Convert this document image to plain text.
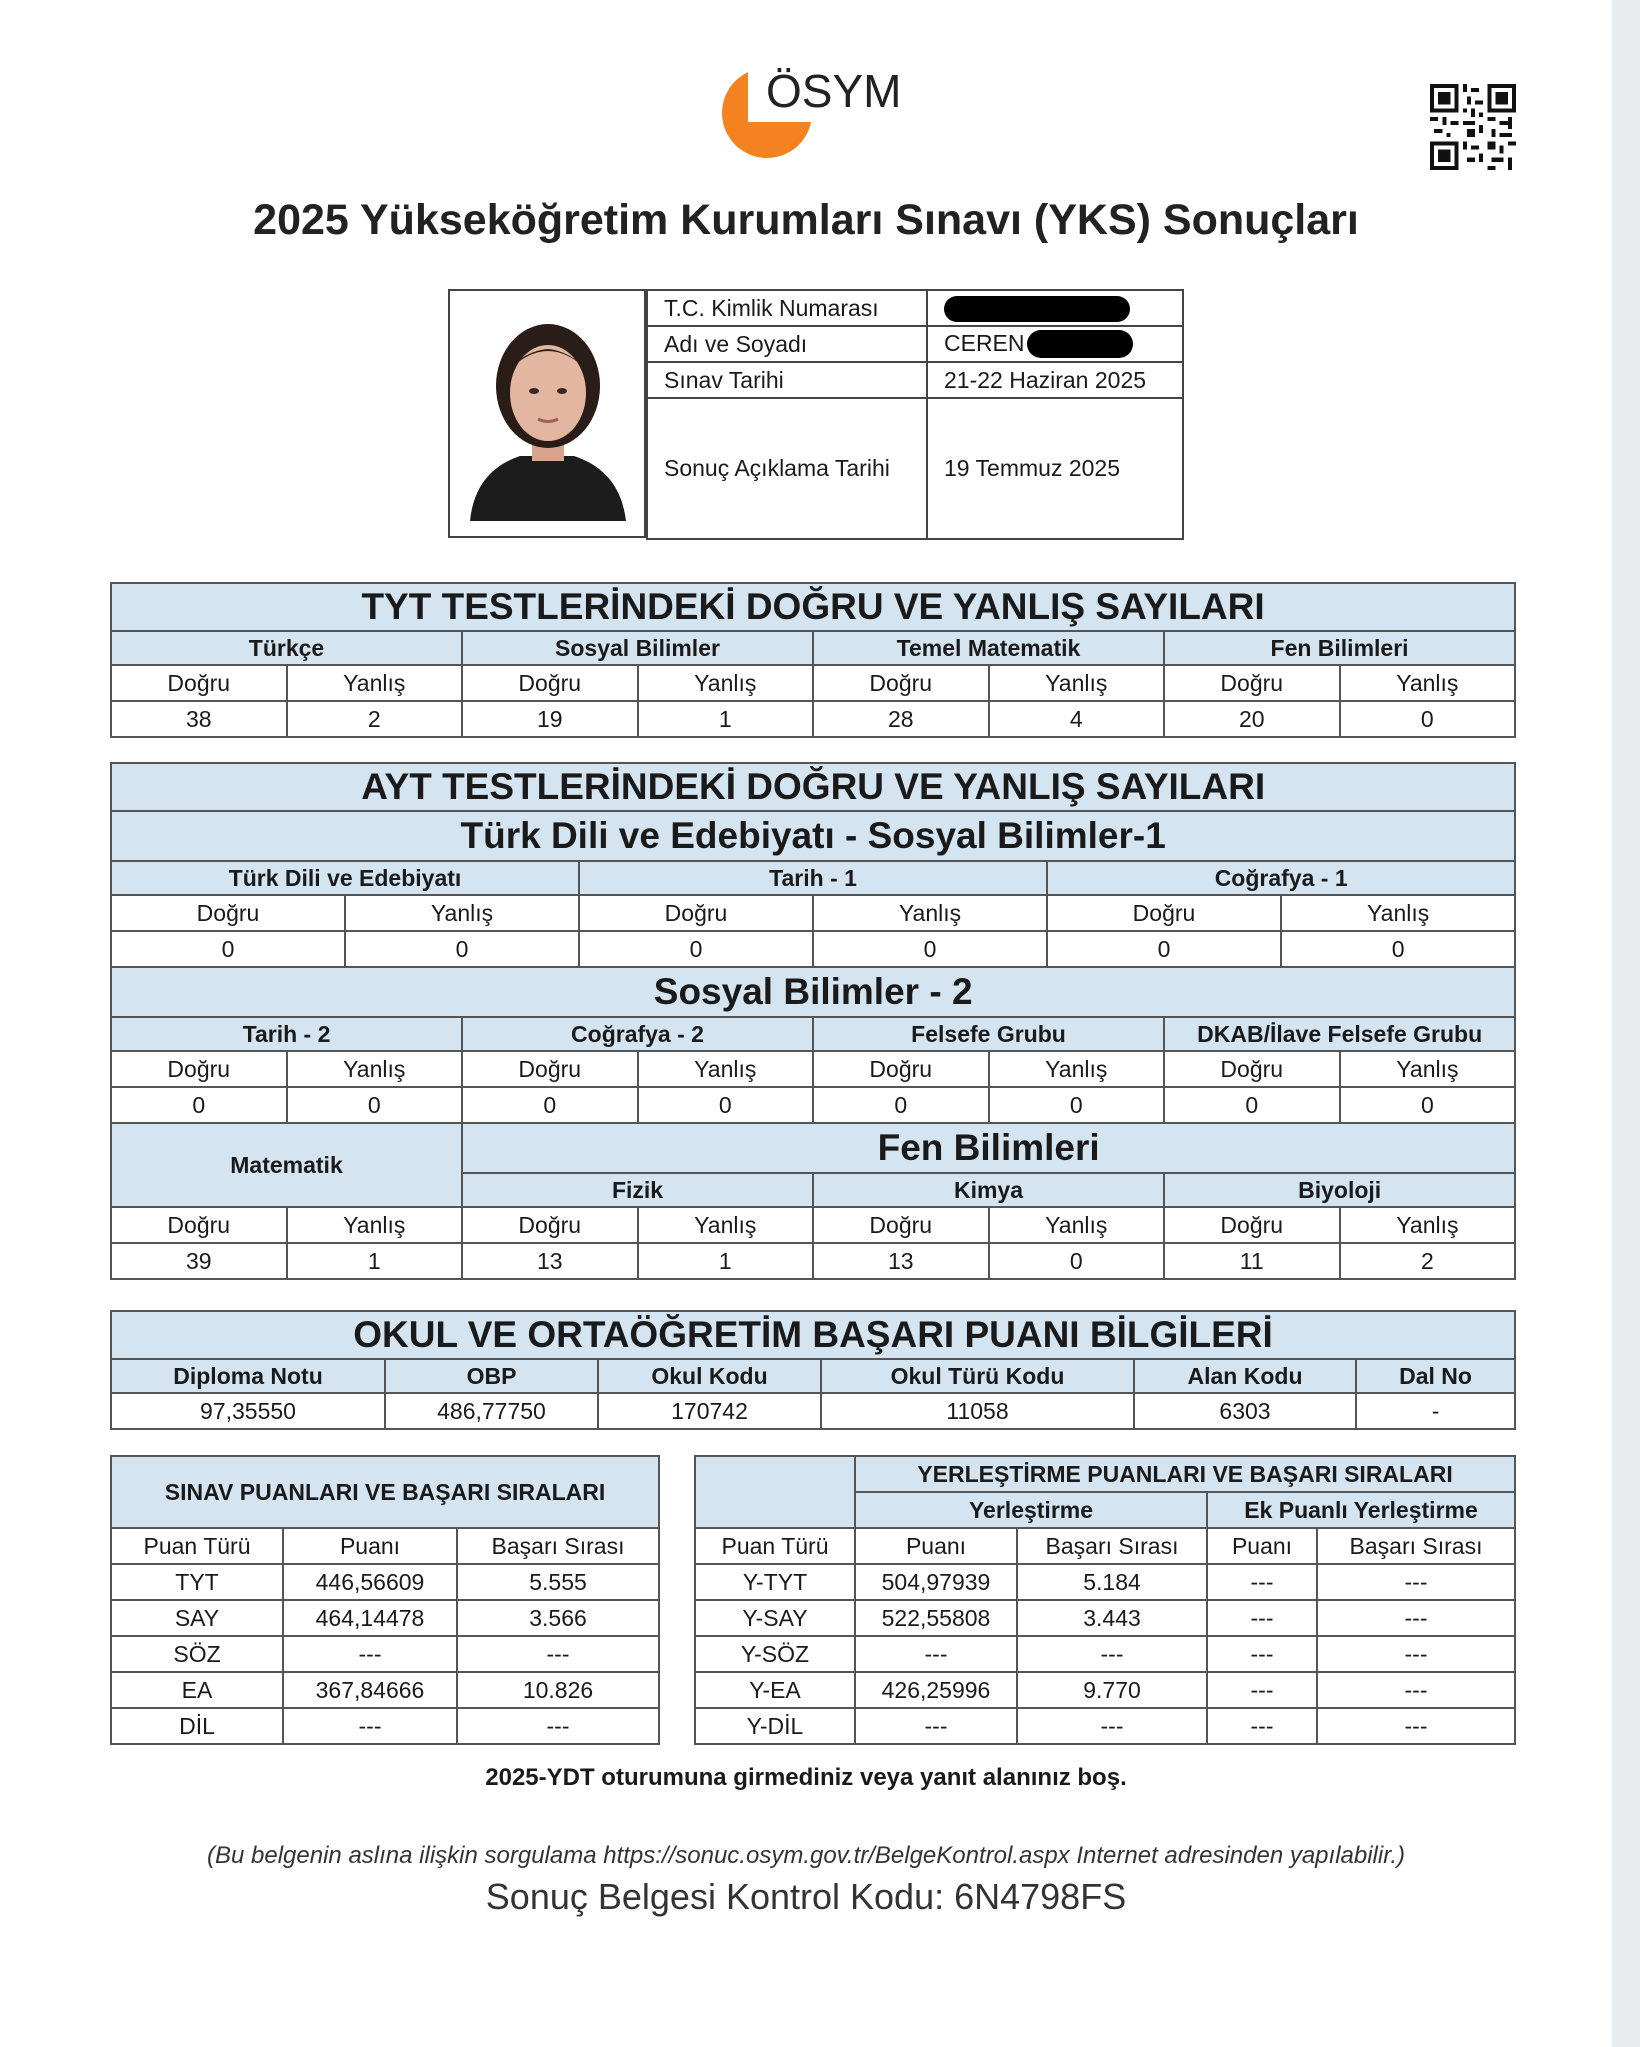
ÖSYM
2025 Yükseköğretim Kurumları Sınavı (YKS) Sonuçları
T.C. Kimlik Numarası	
Adı ve Soyadı	CEREN
Sınav Tarihi	21-22 Haziran 2025
Sonuç Açıklama Tarihi	19 Temmuz 2025
TYT TESTLERİNDEKİ DOĞRU VE YANLIŞ SAYILARI							
Türkçe		Sosyal Bilimler		Temel Matematik		Fen Bilimleri	
Doğru	Yanlış	Doğru	Yanlış	Doğru	Yanlış	Doğru	Yanlış
38	2	19	1	28	4	20	0
AYT TESTLERİNDEKİ DOĞRU VE YANLIŞ SAYILARI											
Türk Dili ve Edebiyatı - Sosyal Bilimler-1											
Türk Dili ve Edebiyatı				Tarih - 1				Coğrafya - 1			
Doğru		Yanlış		Doğru		Yanlış		Doğru		Yanlış	
0		0		0		0		0		0	
Sosyal Bilimler - 2											
Tarih - 2			Coğrafya - 2			Felsefe Grubu			DKAB/İlave Felsefe Grubu		
Doğru	Yanlış		Doğru		Yanlış	Doğru	Yanlış		Doğru		Yanlış
0	0		0		0	0	0		0		0
Matematik			Fen Bilimleri								
			Fizik			Kimya			Biyoloji		
Doğru	Yanlış		Doğru		Yanlış	Doğru	Yanlış		Doğru		Yanlış
39	1		13		1	13	0		11		2
OKUL VE ORTAÖĞRETİM BAŞARI PUANI BİLGİLERİ					
Diploma Notu	OBP	Okul Kodu	Okul Türü Kodu	Alan Kodu	Dal No
97,35550	486,77750	170742	11058	6303	-
SINAV PUANLARI VE BAŞARI SIRALARI		
Puan Türü	Puanı	Başarı Sırası
TYT	446,56609	5.555
SAY	464,14478	3.566
SÖZ	---	---
EA	367,84666	10.826
DİL	---	---
	YERLEŞTİRME PUANLARI VE BAŞARI SIRALARI			
	Yerleştirme		Ek Puanlı Yerleştirme	
Puan Türü	Puanı	Başarı Sırası	Puanı	Başarı Sırası
Y-TYT	504,97939	5.184	---	---
Y-SAY	522,55808	3.443	---	---
Y-SÖZ	---	---	---	---
Y-EA	426,25996	9.770	---	---
Y-DİL	---	---	---	---
2025-YDT oturumuna girmediniz veya yanıt alanınız boş.
(Bu belgenin aslına ilişkin sorgulama https://sonuc.osym.gov.tr/BelgeKontrol.aspx Internet adresinden yapılabilir.)
Sonuç Belgesi Kontrol Kodu: 6N4798FS
